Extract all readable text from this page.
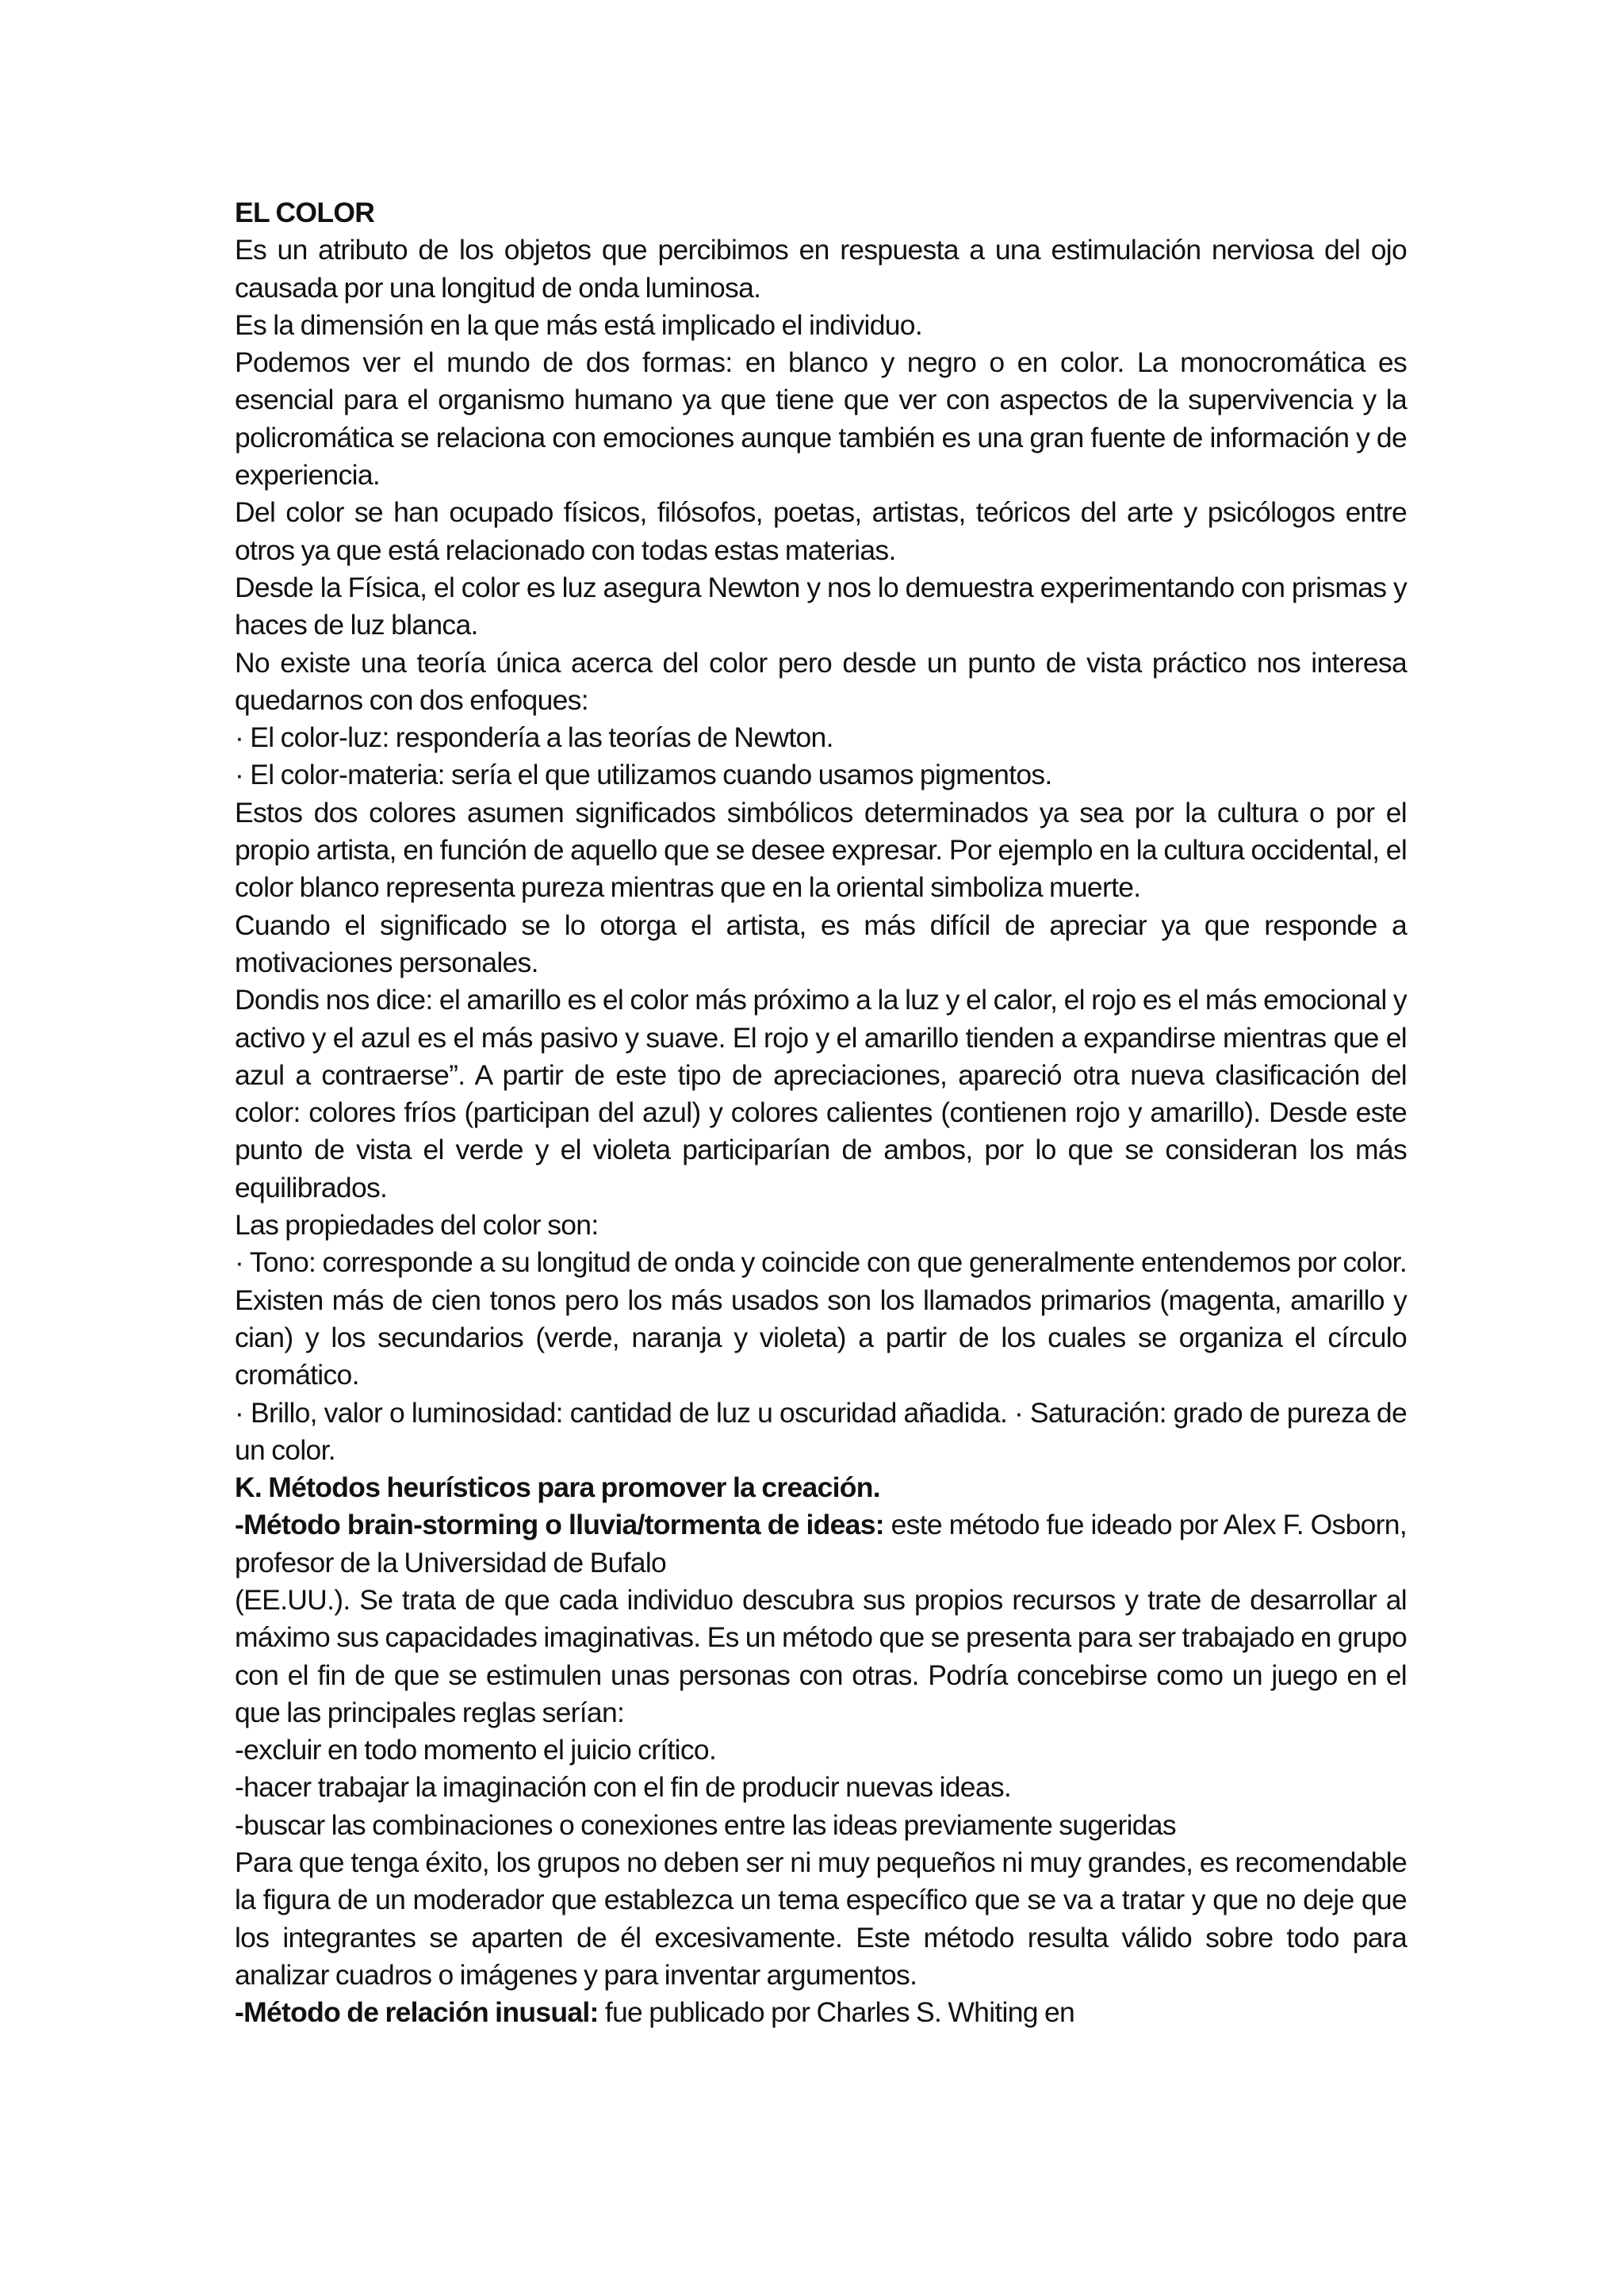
EL COLOR

Es un atributo de los objetos que percibimos en respuesta a una estimulación nerviosa del ojo causada por una longitud de onda luminosa.

Es la dimensión en la que más está implicado el individuo.

Podemos ver el mundo de dos formas: en blanco y negro o en color. La monocromática es esencial para el organismo humano ya que tiene que ver con aspectos de la supervivencia y la policromática se relaciona con emociones aunque también es una gran fuente de información y de experiencia.

Del color se han ocupado físicos, filósofos, poetas, artistas, teóricos del arte y psicólogos entre otros ya que está relacionado con todas estas materias.

Desde la Física, el color es luz asegura Newton y nos lo demuestra experimentando con prismas y haces de luz blanca.

No existe una teoría única acerca del color pero desde un punto de vista práctico nos interesa quedarnos con dos enfoques:

· El color-luz: respondería a las teorías de Newton.

· El color-materia: sería el que utilizamos cuando usamos pigmentos.

Estos dos colores asumen significados simbólicos determinados ya sea por la cultura o por el propio artista, en función de aquello que se desee expresar. Por ejemplo en la cultura occidental, el color blanco representa pureza mientras que en la oriental simboliza muerte.

Cuando el significado se lo otorga el artista, es más difícil de apreciar ya que responde a motivaciones personales.

Dondis nos dice: el amarillo es el color más próximo a la luz y el calor, el rojo es el más emocional y activo y el azul es el más pasivo y suave. El rojo y el amarillo tienden a expandirse mientras que el azul a contraerse”. A partir de este tipo de apreciaciones, apareció otra nueva clasificación del color: colores fríos (participan del azul) y colores calientes (contienen rojo y amarillo). Desde este punto de vista el verde y el violeta participarían de ambos, por lo que se consideran los más equilibrados.

Las propiedades del color son:

· Tono: corresponde a su longitud de onda y coincide con que generalmente entendemos por color. Existen más de cien tonos pero los más usados son los llamados primarios (magenta, amarillo y cian) y los secundarios (verde, naranja y violeta) a partir de los cuales se organiza el círculo cromático.

· Brillo, valor o luminosidad: cantidad de luz u oscuridad añadida. · Saturación: grado de pureza de un color.

K. Métodos heurísticos para promover la creación.

-Método brain-storming o lluvia/tormenta de ideas: este método fue ideado por Alex F. Osborn, profesor de la Universidad de Bufalo

(EE.UU.). Se trata de que cada individuo descubra sus propios recursos y trate de desarrollar al máximo sus capacidades imaginativas. Es un método que se presenta para ser trabajado en grupo con el fin de que se estimulen unas personas con otras. Podría concebirse como un juego en el que las principales reglas serían:

-excluir en todo momento el juicio crítico.

-hacer trabajar la imaginación con el fin de producir nuevas ideas.

-buscar las combinaciones o conexiones entre las ideas previamente sugeridas

Para que tenga éxito, los grupos no deben ser ni muy pequeños ni muy grandes, es recomendable la figura de un moderador que establezca un tema específico que se va a tratar y que no deje que los integrantes se aparten de él excesivamente. Este método resulta válido sobre todo para analizar cuadros o imágenes y para inventar argumentos.

-Método de relación inusual: fue publicado por Charles S. Whiting en
